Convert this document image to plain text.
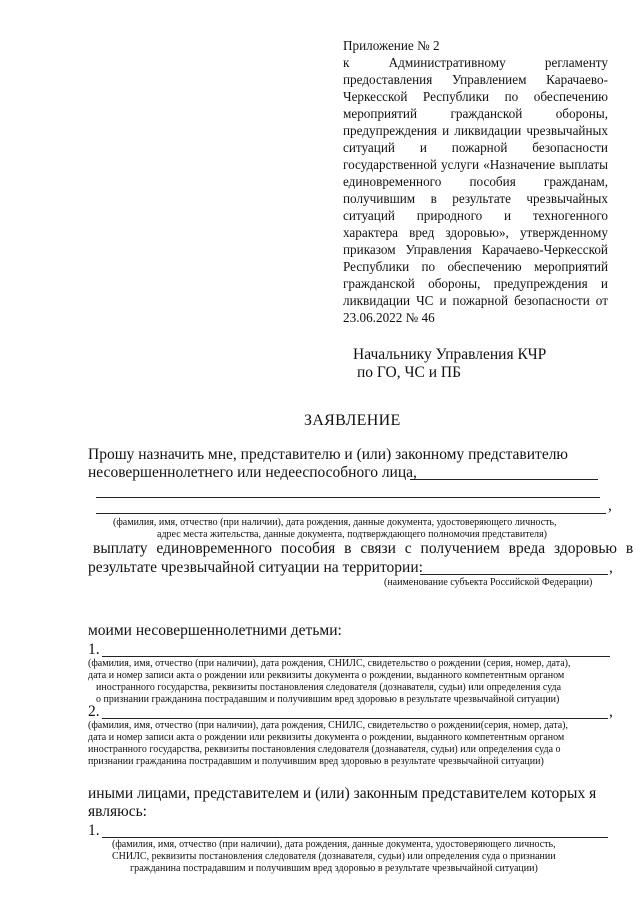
Приложение № 2
к Административному регламенту
предоставления Управлением Карачаево-
Черкесской Республики по обеспечению
мероприятий гражданской обороны,
предупреждения и ликвидации чрезвычайных
ситуаций и пожарной безопасности
государственной услуги «Назначение выплаты
единовременного пособия гражданам,
получившим в результате чрезвычайных
ситуаций природного и техногенного
характера вред здоровью», утвержденному
приказом Управления Карачаево-Черкесской
Республики по обеспечению мероприятий
гражданской обороны, предупреждения и
ликвидации ЧС и пожарной безопасности от
23.06.2022 № 46
Начальнику Управления КЧР
по ГО, ЧС и ПБ
ЗАЯВЛЕНИЕ
Прошу назначить мне, представителю и (или) законному представителю
несовершеннолетнего или недееспособного лица,
,
(фамилия, имя, отчество (при наличии), дата рождения, данные документа, удостоверяющего личность,
адрес места жительства, данные документа, подтверждающего полномочия представителя)
выплату единовременного пособия в связи с получением вреда здоровью в
результате чрезвычайной ситуации на территории:	,
(наименование субъекта Российской Федерации)
моими несовершеннолетними детьми:
1.
(фамилия, имя, отчество (при наличии), дата рождения, СНИЛС, свидетельство о рождении (серия, номер, дата),
дата и номер записи акта о рождении или реквизиты документа о рождении, выданного компетентным органом
иностранного государства, реквизиты постановления следователя (дознавателя, судьи) или определения суда
о признании гражданина пострадавшим и получившим вред здоровью в результате чрезвычайной ситуации)
2.	,
(фамилия, имя, отчество (при наличии), дата рождения, СНИЛС, свидетельство о рождении(серия, номер, дата),
дата и номер записи акта о рождении или реквизиты документа о рождении, выданного компетентным органом
иностранного государства, реквизиты постановления следователя (дознавателя, судьи) или определения суда о
признании гражданина пострадавшим и получившим вред здоровью в результате чрезвычайной ситуации)
иными лицами, представителем и (или) законным представителем которых я
являюсь:
1.
(фамилия, имя, отчество (при наличии), дата рождения, данные документа, удостоверяющего личность,
СНИЛС, реквизиты постановления следователя (дознавателя, судьи) или определения суда о признании
гражданина пострадавшим и получившим вред здоровью в результате чрезвычайной ситуации)
